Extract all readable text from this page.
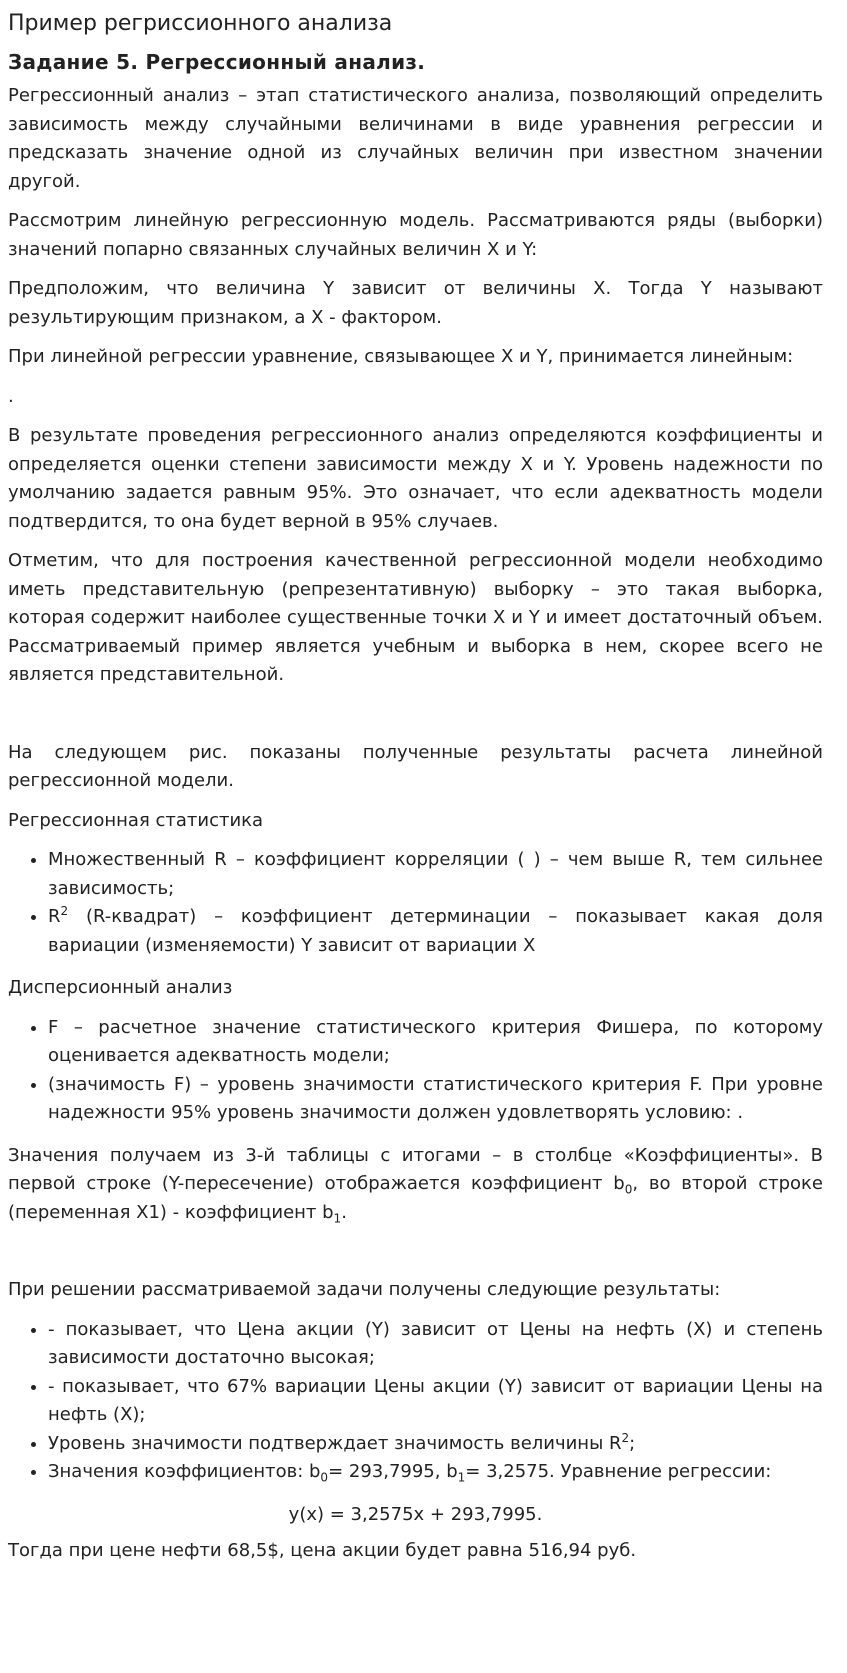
Пример регриссионного анализа
Задание 5. Регрессионный анализ.

Регрессионный анализ – этап статистического анализа, позволяющий определить зависимость между случайными величинами в виде уравнения регрессии и предсказать значение одной из случайных величин при известном значении другой.

Рассмотрим линейную регрессионную модель. Рассматриваются ряды (выборки) значений попарно связанных случайных величин X и Y:

Предположим, что величина Y зависит от величины X. Тогда Y называют результирующим признаком, а X - фактором.

При линейной регрессии уравнение, связывающее X и Y, принимается линейным:

.

В результате проведения регрессионного анализ определяются коэффициенты и определяется оценки степени зависимости между X и Y. Уровень надежности по умолчанию задается равным 95%. Это означает, что если адекватность модели подтвердится, то она будет верной в 95% случаев.

Отметим, что для построения качественной регрессионной модели необходимо иметь представительную (репрезентативную) выборку – это такая выборка, которая содержит наиболее существенные точки X и Y и имеет достаточный объем. Рассматриваемый пример является учебным и выборка в нем, скорее всего не является представительной.

На следующем рис. показаны полученные результаты расчета линейной регрессионной модели.

Регрессионная статистика

• Множественный R – коэффициент корреляции ( ) – чем выше R, тем сильнее зависимость;
• $R^2$ (R-квадрат) – коэффициент детерминации – показывает какая доля вариации (изменяемости) Y зависит от вариации X

Дисперсионный анализ

• F – расчетное значение статистического критерия Фишера, по которому оценивается адекватность модели;
• (значимость F) – уровень значимости статистического критерия F. При уровне надежности 95% уровень значимости должен удовлетворять условию: .

Значения получаем из 3-й таблицы с итогами – в столбце «Коэффициенты». В первой строке (Y-пересечение) отображается коэффициент $b_0$, во второй строке (переменная X1) - коэффициент $b_1$.

При решении рассматриваемой задачи получены следующие результаты:

• - показывает, что Цена акции (Y) зависит от Цены на нефть (X) и степень зависимости достаточно высокая;
• - показывает, что 67% вариации Цены акции (Y) зависит от вариации Цены на нефть (X);
• Уровень значимости подтверждает значимость величины $R^2$;
• Значения коэффициентов: $b_0= 293,7995$, $b_1= 3,2575$. Уравнение регрессии:
y(x) = 3,2575x + 293,7995.

Тогда при цене нефти 68,5$, цена акции будет равна 516,94 руб.
